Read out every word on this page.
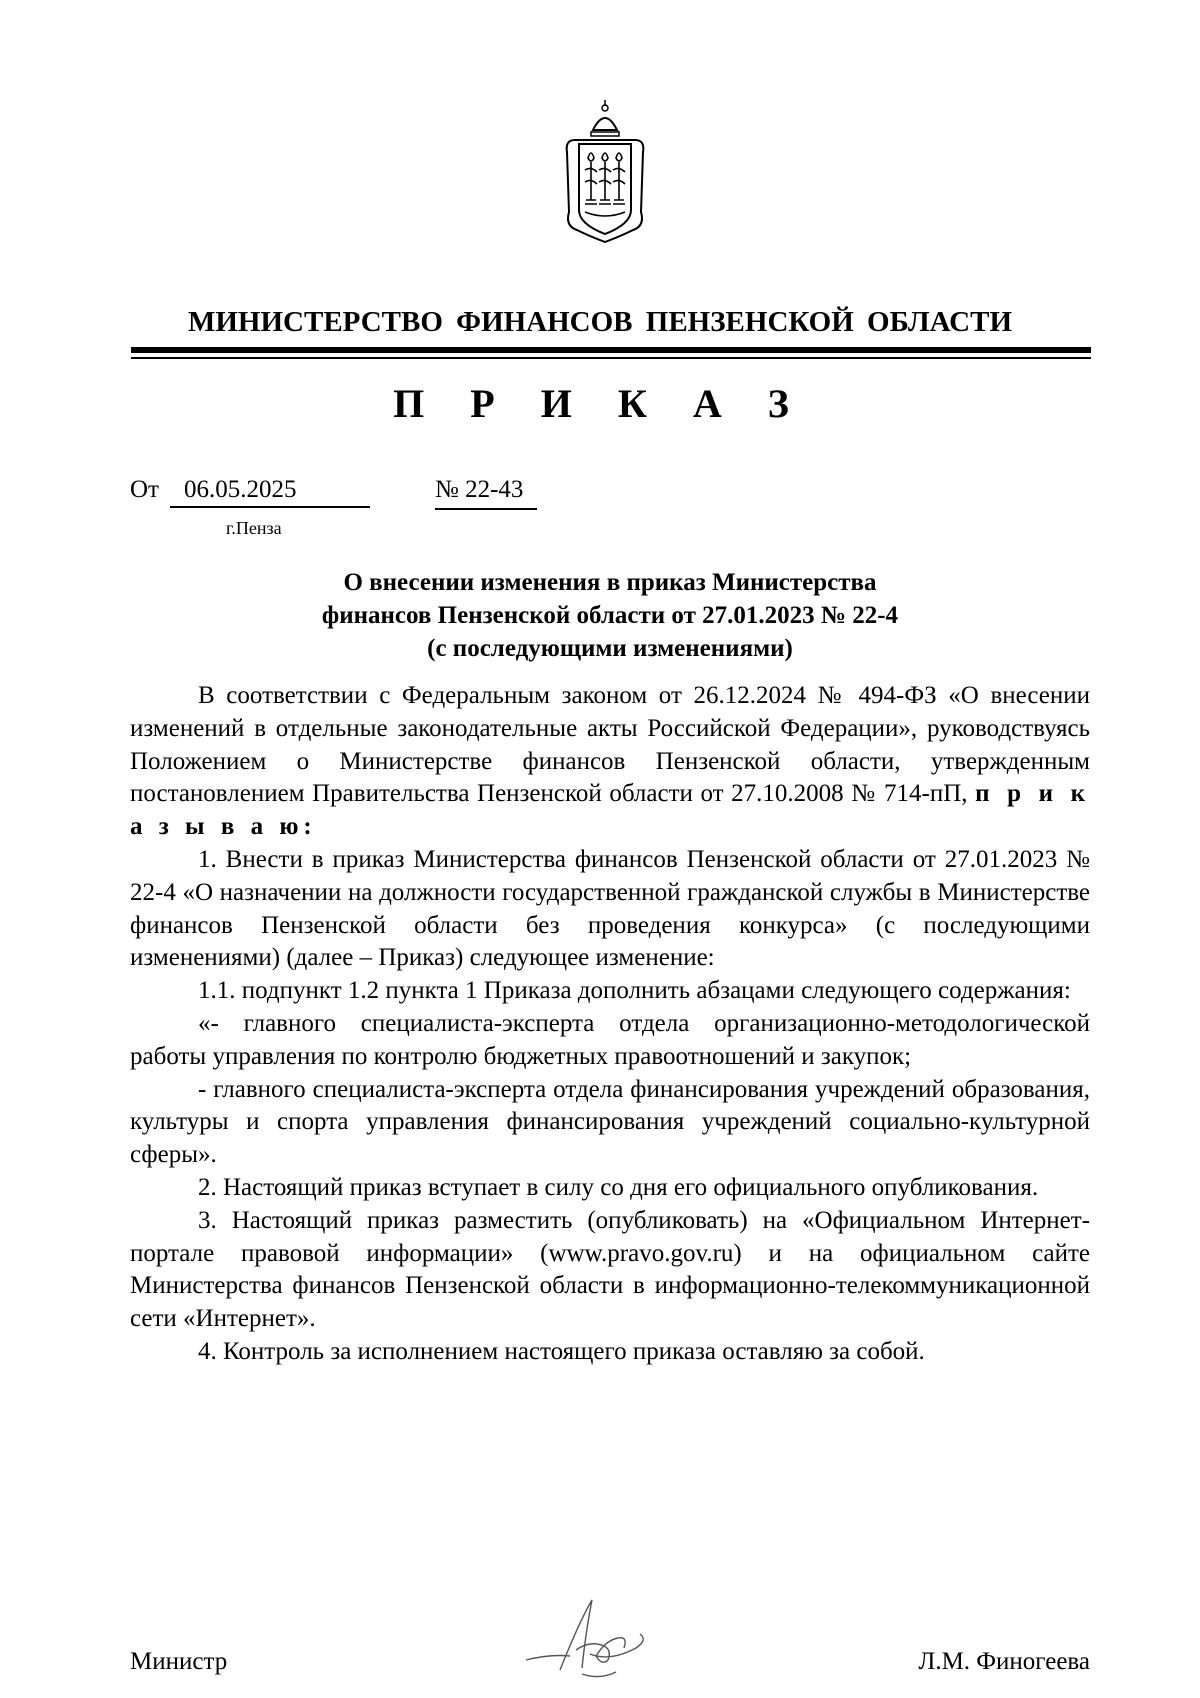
МИНИСТЕРСТВО ФИНАНСОВ ПЕНЗЕНСКОЙ ОБЛАСТИ
П Р И К А З
От	06.05.2025	№ 22-43
г.Пенза
О внесении изменения в приказ Министерства
финансов Пензенской области от 27.01.2023 № 22-4
(с последующими изменениями)

В соответствии с Федеральным законом от 26.12.2024 № 494-ФЗ «О внесении изменений в отдельные законодательные акты Российской Федерации», руководствуясь Положением о Министерстве финансов Пензенской области, утвержденным постановлением Правительства Пензенской области от 27.10.2008 № 714-пП, п р и к а з ы в а ю:

1. Внести в приказ Министерства финансов Пензенской области от 27.01.2023 № 22-4 «О назначении на должности государственной гражданской службы в Министерстве финансов Пензенской области без проведения конкурса» (с последующими изменениями) (далее – Приказ) следующее изменение:

1.1. подпункт 1.2 пункта 1 Приказа дополнить абзацами следующего содержания:

«- главного специалиста-эксперта отдела организационно-методологической работы управления по контролю бюджетных правоотношений и закупок;

- главного специалиста-эксперта отдела финансирования учреждений образования, культуры и спорта управления финансирования учреждений социально-культурной сферы».

2. Настоящий приказ вступает в силу со дня его официального опубликования.

3. Настоящий приказ разместить (опубликовать) на «Официальном Интернет-портале правовой информации» (www.pravo.gov.ru) и на официальном сайте Министерства финансов Пензенской области в информационно-телекоммуникационной сети «Интернет».

4. Контроль за исполнением настоящего приказа оставляю за собой.

Министр	Л.М. Финогеева
